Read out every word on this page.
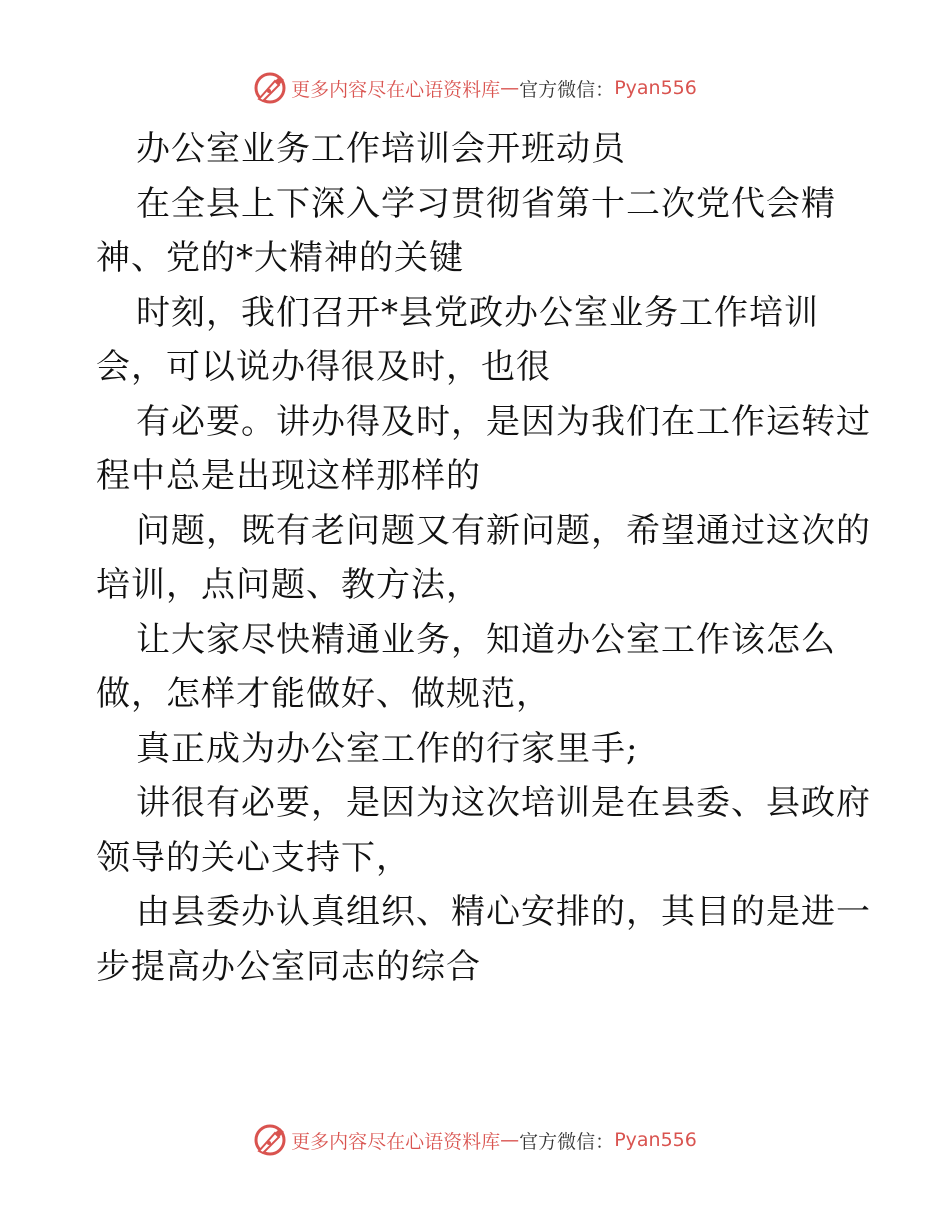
更多内容尽在心语资料库 — 官方微信： Pyan556
办公室业务工作培训会开班动员
在全县上下深入学习贯彻省第十二次党代会精
神、党的*大精神的关键
时刻，我们召开*县党政办公室业务工作培训
会，可以说办得很及时，也很
有必要。讲办得及时，是因为我们在工作运转过
程中总是出现这样那样的
问题，既有老问题又有新问题，希望通过这次的
培训，点问题、教方法，
让大家尽快精通业务，知道办公室工作该怎么
做，怎样才能做好、做规范，
真正成为办公室工作的行家里手;
讲很有必要，是因为这次培训是在县委、县政府
领导的关心支持下，
由县委办认真组织、精心安排的，其目的是进一
步提高办公室同志的综合
更多内容尽在心语资料库 — 官方微信： Pyan556
